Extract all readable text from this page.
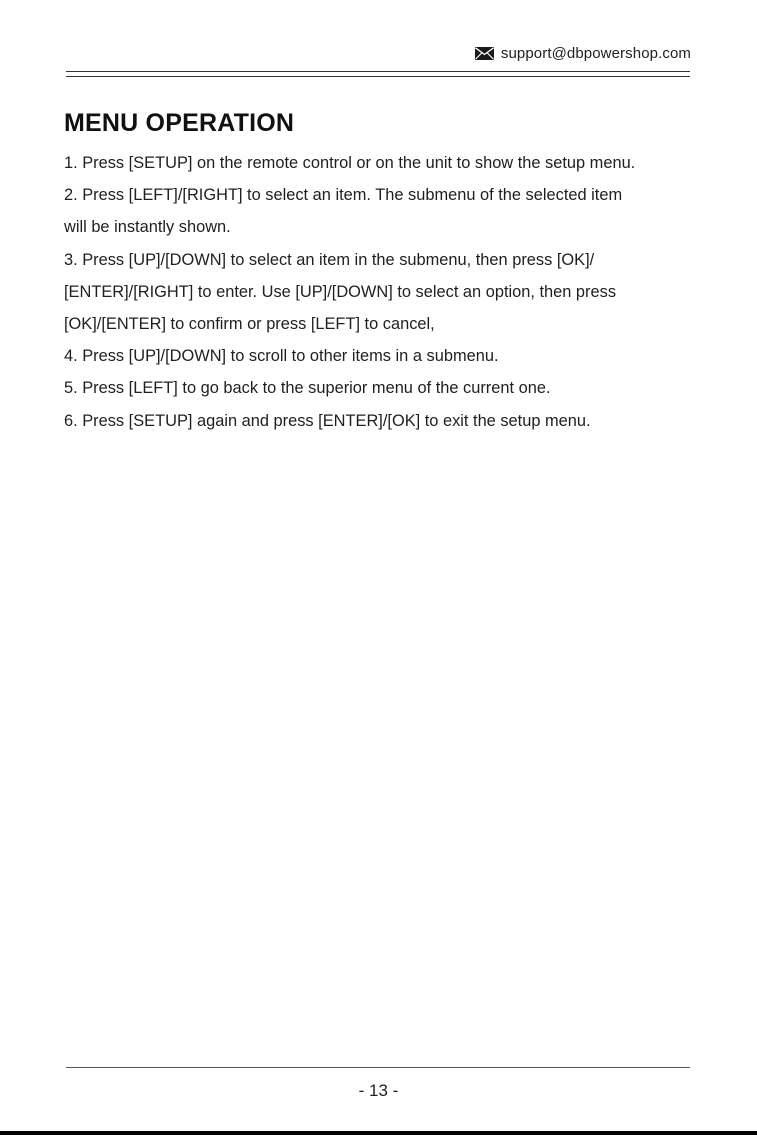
support@dbpowershop.com
MENU OPERATION

1. Press [SETUP] on the remote control or on the unit to show the setup menu.
2. Press [LEFT]/[RIGHT] to select an item. The submenu of the selected item
will be instantly shown.
3. Press [UP]/[DOWN] to select an item in the submenu, then press [OK]/
[ENTER]/[RIGHT] to enter. Use [UP]/[DOWN] to select an option, then press
[OK]/[ENTER] to confirm or press [LEFT] to cancel,
4. Press [UP]/[DOWN] to scroll to other items in a submenu.
5. Press [LEFT] to go back to the superior menu of the current one.
6. Press [SETUP] again and press [ENTER]/[OK] to exit the setup menu.

- 13 -
